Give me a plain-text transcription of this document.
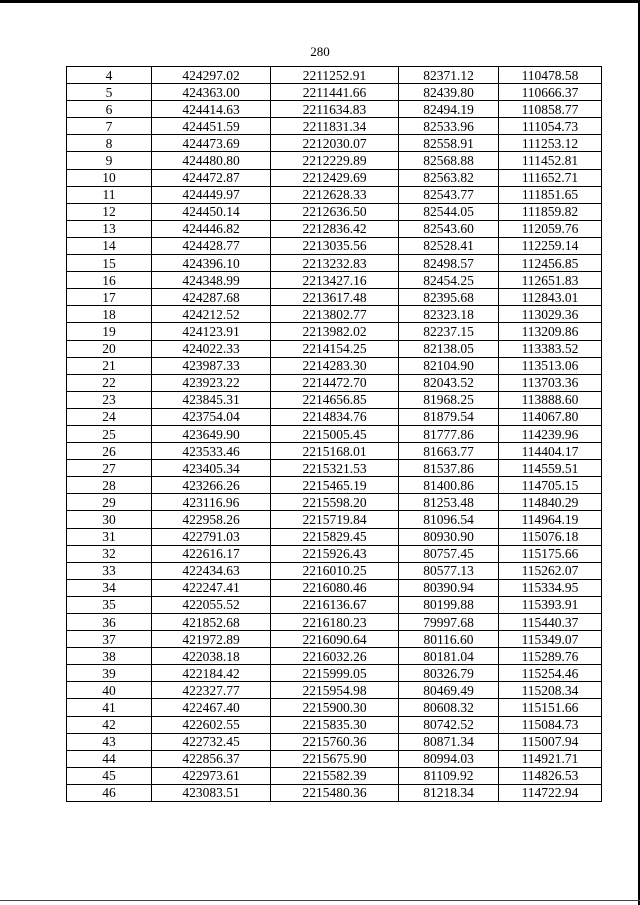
280
4	424297.02	2211252.91	82371.12	110478.58
5	424363.00	2211441.66	82439.80	110666.37
6	424414.63	2211634.83	82494.19	110858.77
7	424451.59	2211831.34	82533.96	111054.73
8	424473.69	2212030.07	82558.91	111253.12
9	424480.80	2212229.89	82568.88	111452.81
10	424472.87	2212429.69	82563.82	111652.71
11	424449.97	2212628.33	82543.77	111851.65
12	424450.14	2212636.50	82544.05	111859.82
13	424446.82	2212836.42	82543.60	112059.76
14	424428.77	2213035.56	82528.41	112259.14
15	424396.10	2213232.83	82498.57	112456.85
16	424348.99	2213427.16	82454.25	112651.83
17	424287.68	2213617.48	82395.68	112843.01
18	424212.52	2213802.77	82323.18	113029.36
19	424123.91	2213982.02	82237.15	113209.86
20	424022.33	2214154.25	82138.05	113383.52
21	423987.33	2214283.30	82104.90	113513.06
22	423923.22	2214472.70	82043.52	113703.36
23	423845.31	2214656.85	81968.25	113888.60
24	423754.04	2214834.76	81879.54	114067.80
25	423649.90	2215005.45	81777.86	114239.96
26	423533.46	2215168.01	81663.77	114404.17
27	423405.34	2215321.53	81537.86	114559.51
28	423266.26	2215465.19	81400.86	114705.15
29	423116.96	2215598.20	81253.48	114840.29
30	422958.26	2215719.84	81096.54	114964.19
31	422791.03	2215829.45	80930.90	115076.18
32	422616.17	2215926.43	80757.45	115175.66
33	422434.63	2216010.25	80577.13	115262.07
34	422247.41	2216080.46	80390.94	115334.95
35	422055.52	2216136.67	80199.88	115393.91
36	421852.68	2216180.23	79997.68	115440.37
37	421972.89	2216090.64	80116.60	115349.07
38	422038.18	2216032.26	80181.04	115289.76
39	422184.42	2215999.05	80326.79	115254.46
40	422327.77	2215954.98	80469.49	115208.34
41	422467.40	2215900.30	80608.32	115151.66
42	422602.55	2215835.30	80742.52	115084.73
43	422732.45	2215760.36	80871.34	115007.94
44	422856.37	2215675.90	80994.03	114921.71
45	422973.61	2215582.39	81109.92	114826.53
46	423083.51	2215480.36	81218.34	114722.94
